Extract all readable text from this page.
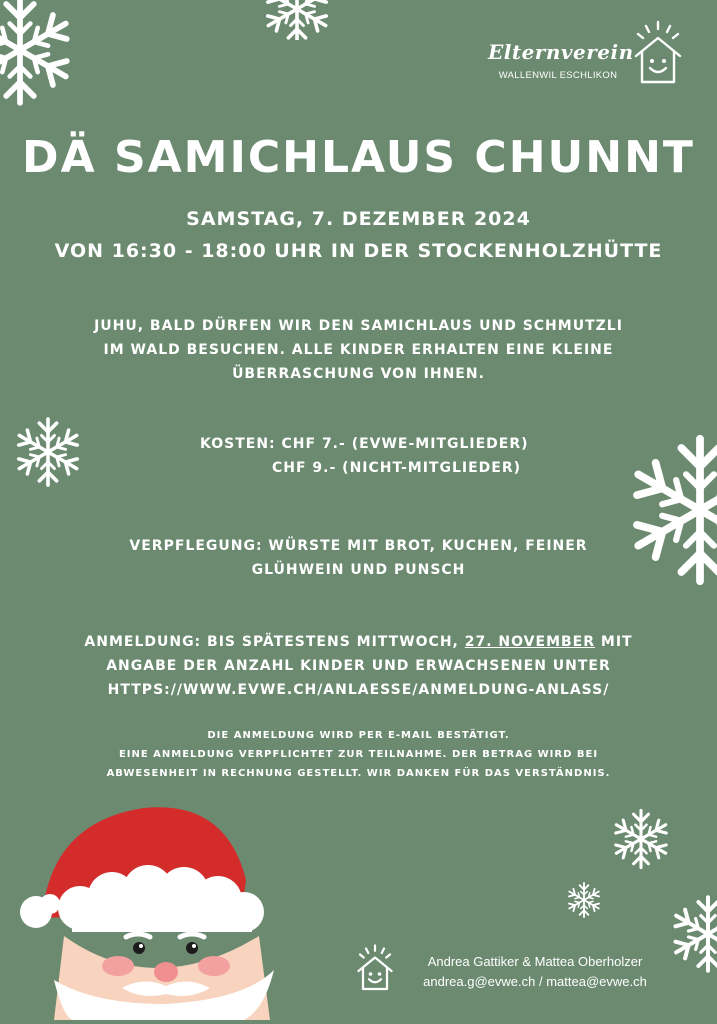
Elternverein
WALLENWIL ESCHLIKON
DÄ SAMICHLAUS CHUNNT
SAMSTAG, 7. DEZEMBER 2024
VON 16:30 - 18:00 UHR IN DER STOCKENHOLZHÜTTE
JUHU, BALD DÜRFEN WIR DEN SAMICHLAUS UND SCHMUTZLI
IM WALD BESUCHEN. ALLE KINDER ERHALTEN EINE KLEINE
ÜBERRASCHUNG VON IHNEN.
KOSTEN: CHF 7.- (EVWE-MITGLIEDER)
CHF 9.- (NICHT-MITGLIEDER)
VERPFLEGUNG: WÜRSTE MIT BROT, KUCHEN, FEINER
GLÜHWEIN UND PUNSCH
ANMELDUNG: BIS SPÄTESTENS MITTWOCH, 27. NOVEMBER MIT
ANGABE DER ANZAHL KINDER UND ERWACHSENEN UNTER
HTTPS://WWW.EVWE.CH/ANLAESSE/ANMELDUNG-ANLASS/
DIE ANMELDUNG WIRD PER E-MAIL BESTÄTIGT.
EINE ANMELDUNG VERPFLICHTET ZUR TEILNAHME. DER BETRAG WIRD BEI
ABWESENHEIT IN RECHNUNG GESTELLT. WIR DANKEN FÜR DAS VERSTÄNDNIS.
Andrea Gattiker & Mattea Oberholzer
andrea.g@evwe.ch / mattea@evwe.ch
